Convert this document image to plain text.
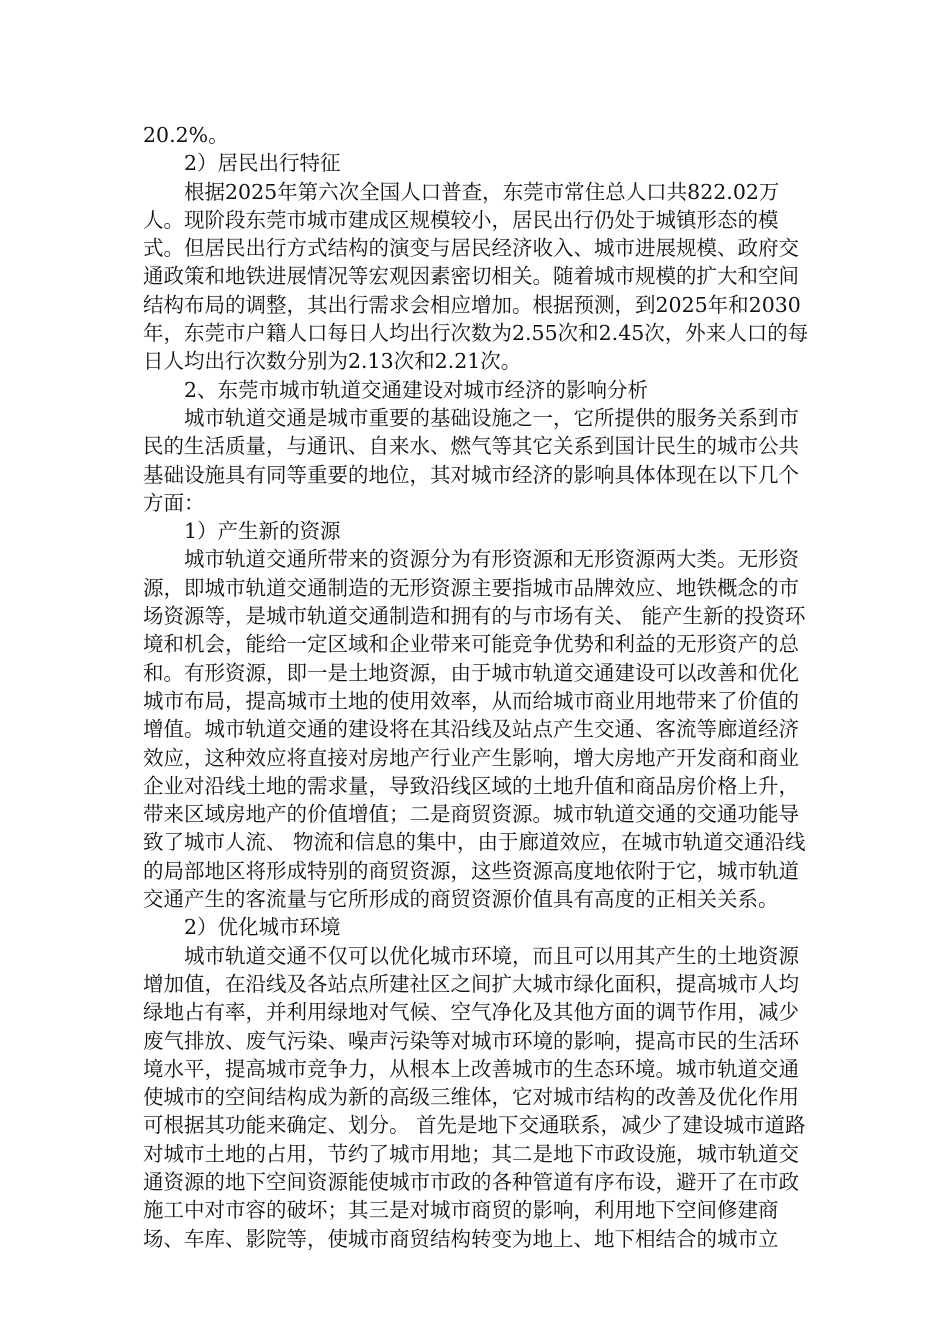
20.2%。

2）居民出行特征

根据2025年第六次全国人口普查，东莞市常住总人口共822.02万人。现阶段东莞市城市建成区规模较小，居民出行仍处于城镇形态的模式。但居民出行方式结构的演变与居民经济收入、城市进展规模、政府交通政策和地铁进展情况等宏观因素密切相关。随着城市规模的扩大和空间结构布局的调整，其出行需求会相应增加。根据预测，到2025年和2030年，东莞市户籍人口每日人均出行次数为2.55次和2.45次，外来人口的每日人均出行次数分别为2.13次和2.21次。

2、东莞市城市轨道交通建设对城市经济的影响分析

城市轨道交通是城市重要的基础设施之一，它所提供的服务关系到市民的生活质量，与通讯、自来水、燃气等其它关系到国计民生的城市公共基础设施具有同等重要的地位，其对城市经济的影响具体体现在以下几个方面：

1）产生新的资源

城市轨道交通所带来的资源分为有形资源和无形资源两大类。无形资源，即城市轨道交通制造的无形资源主要指城市品牌效应、地铁概念的市场资源等，是城市轨道交通制造和拥有的与市场有关、 能产生新的投资环境和机会，能给一定区域和企业带来可能竞争优势和利益的无形资产的总和。有形资源，即一是土地资源，由于城市轨道交通建设可以改善和优化城市布局，提高城市土地的使用效率，从而给城市商业用地带来了价值的增值。城市轨道交通的建设将在其沿线及站点产生交通、客流等廊道经济效应，这种效应将直接对房地产行业产生影响，增大房地产开发商和商业企业对沿线土地的需求量，导致沿线区域的土地升值和商品房价格上升，带来区域房地产的价值增值；二是商贸资源。城市轨道交通的交通功能导致了城市人流、 物流和信息的集中，由于廊道效应，在城市轨道交通沿线的局部地区将形成特别的商贸资源，这些资源高度地依附于它，城市轨道交通产生的客流量与它所形成的商贸资源价值具有高度的正相关关系。

2）优化城市环境

城市轨道交通不仅可以优化城市环境，而且可以用其产生的土地资源增加值，在沿线及各站点所建社区之间扩大城市绿化面积，提高城市人均绿地占有率，并利用绿地对气候、空气净化及其他方面的调节作用，减少废气排放、废气污染、噪声污染等对城市环境的影响，提高市民的生活环境水平，提高城市竞争力，从根本上改善城市的生态环境。城市轨道交通使城市的空间结构成为新的高级三维体，它对城市结构的改善及优化作用可根据其功能来确定、划分。 首先是地下交通联系，减少了建设城市道路对城市土地的占用，节约了城市用地；其二是地下市政设施，城市轨道交通资源的地下空间资源能使城市市政的各种管道有序布设，避开了在市政施工中对市容的破坏；其三是对城市商贸的影响，利用地下空间修建商场、车库、影院等，使城市商贸结构转变为地上、地下相结合的城市立
